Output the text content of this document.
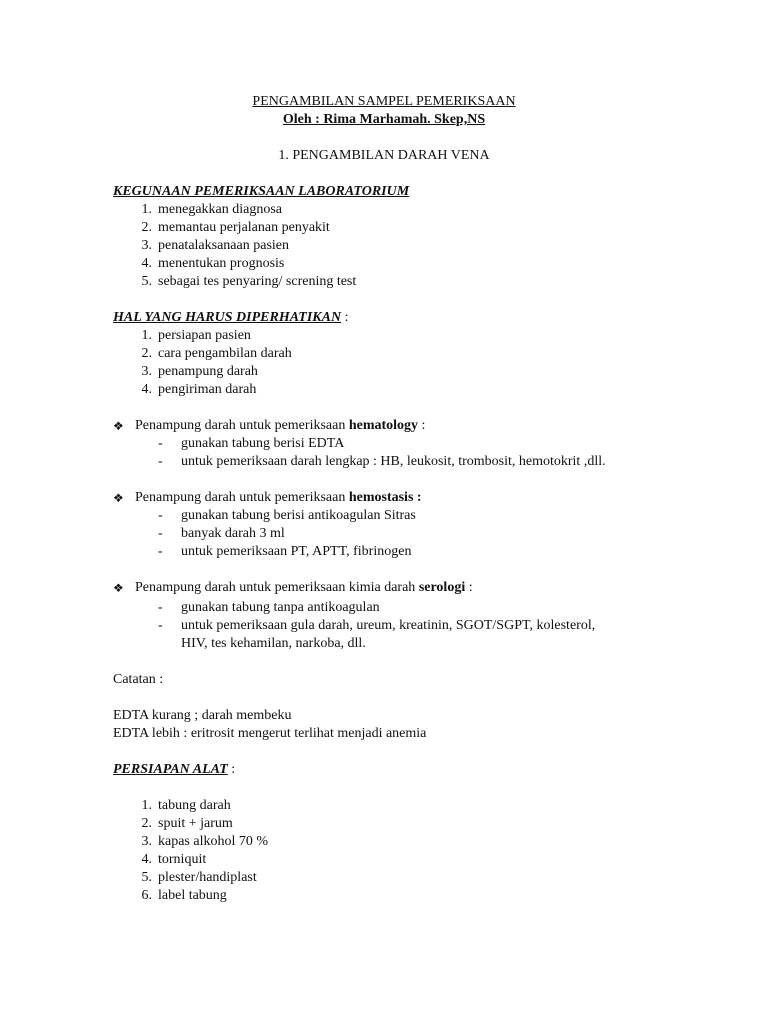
PENGAMBILAN SAMPEL PEMERIKSAAN
Oleh : Rima Marhamah. Skep,NS
1. PENGAMBILAN DARAH VENA
KEGUNAAN PEMERIKSAAN LABORATORIUM
1. menegakkan diagnosa
2. memantau perjalanan penyakit
3. penatalaksanaan pasien
4. menentukan prognosis
5. sebagai tes penyaring/ screning test
HAL YANG HARUS DIPERHATIKAN :
1. persiapan pasien
2. cara pengambilan darah
3. penampung darah
4. pengiriman darah
❖ Penampung darah untuk pemeriksaan hematology :
- gunakan tabung berisi EDTA
- untuk pemeriksaan darah lengkap : HB, leukosit, trombosit, hemotokrit ,dll.
❖ Penampung darah untuk pemeriksaan hemostasis :
- gunakan tabung berisi antikoagulan Sitras
- banyak darah 3 ml
- untuk pemeriksaan PT, APTT, fibrinogen
❖ Penampung darah untuk pemeriksaan kimia darah serologi :
- gunakan tabung tanpa antikoagulan
- untuk pemeriksaan gula darah, ureum, kreatinin, SGOT/SGPT, kolesterol,
HIV, tes kehamilan, narkoba, dll.
Catatan :
EDTA kurang ; darah membeku
EDTA lebih : eritrosit mengerut terlihat menjadi anemia
PERSIAPAN ALAT :
1. tabung darah
2. spuit + jarum
3. kapas alkohol 70 %
4. torniquit
5. plester/handiplast
6. label tabung
